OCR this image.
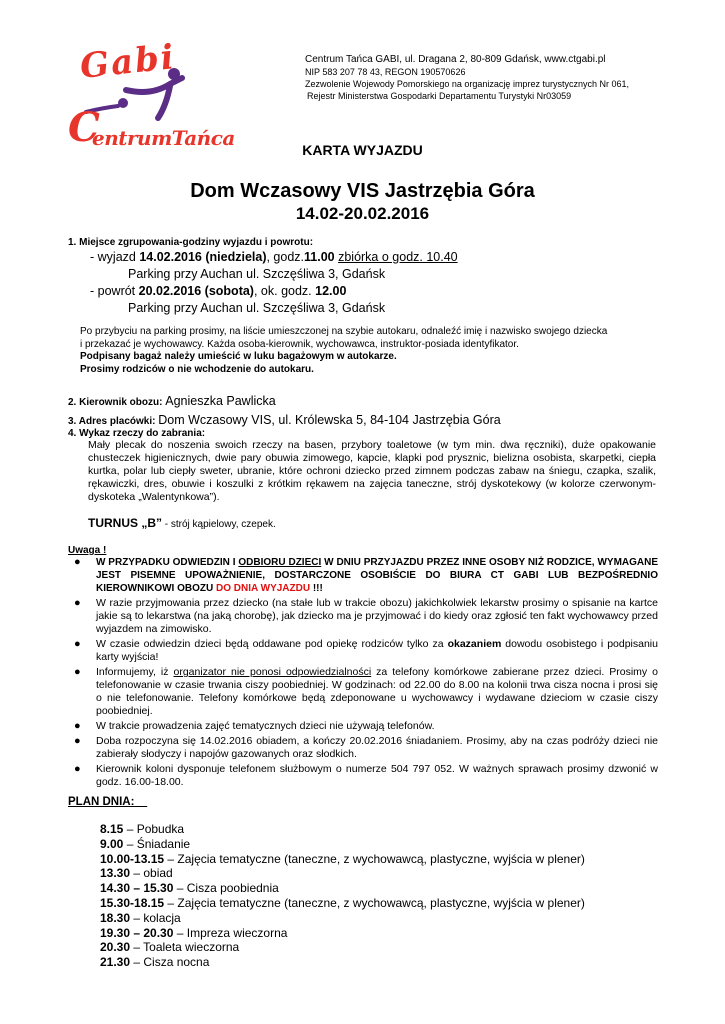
Gabi
C
entrumTańca
Centrum Tańca GABI, ul. Dragana 2, 80-809 Gdańsk, www.ctgabi.pl
NIP 583 207 78 43, REGON 190570626
Zezwolenie Wojewody Pomorskiego na organizację imprez turystycznych Nr 061,
Rejestr Ministerstwa Gospodarki Departamentu Turystyki Nr03059
KARTA WYJAZDU
Dom Wczasowy VIS Jastrzębia Góra
14.02-20.02.2016
1. Miejsce zgrupowania-godziny wyjazdu i powrotu:
- wyjazd 14.02.2016 (niedziela), godz.11.00 zbiórka o godz. 10.40
Parking przy Auchan ul. Szczęśliwa 3, Gdańsk
- powrót 20.02.2016 (sobota), ok. godz. 12.00
Parking przy Auchan ul. Szczęśliwa 3, Gdańsk
Po przybyciu na parking prosimy, na liście umieszczonej na szybie autokaru, odnaleźć imię i nazwisko swojego dziecka
i przekazać je wychowawcy. Każda osoba-kierownik, wychowawca, instruktor-posiada identyfikator.
Podpisany bagaż należy umieścić w luku bagażowym w autokarze.
Prosimy rodziców o nie wchodzenie do autokaru.
2. Kierownik obozu: Agnieszka Pawlicka
3. Adres placówki: Dom Wczasowy VIS, ul. Królewska 5, 84-104 Jastrzębia Góra
4. Wykaz rzeczy do zabrania:
Mały plecak do noszenia swoich rzeczy na basen, przybory toaletowe (w tym min. dwa ręczniki), duże opakowanie chusteczek higienicznych, dwie pary obuwia zimowego, kapcie, klapki pod prysznic, bielizna osobista, skarpetki, ciepła kurtka, polar lub ciepły sweter, ubranie, które ochroni dziecko przed zimnem podczas zabaw na śniegu, czapka, szalik, rękawiczki, dres, obuwie i koszulki z krótkim rękawem na zajęcia taneczne, strój dyskotekowy (w kolorze czerwonym-dyskoteka „Walentynkowa”).
TURNUS „B” - strój kąpielowy, czepek.
Uwaga !
● W PRZYPADKU ODWIEDZIN I ODBIORU DZIECI W DNIU PRZYJAZDU PRZEZ INNE OSOBY NIŻ RODZICE, WYMAGANE JEST PISEMNE UPOWAŻNIENIE, DOSTARCZONE OSOBIŚCIE DO BIURA CT GABI LUB BEZPOŚREDNIO KIEROWNIKOWI OBOZU DO DNIA WYJAZDU !!!
● W razie przyjmowania przez dziecko (na stałe lub w trakcie obozu) jakichkolwiek lekarstw prosimy o spisanie na kartce jakie są to lekarstwa (na jaką chorobę), jak dziecko ma je przyjmować i do kiedy oraz zgłosić ten fakt wychowawcy przed wyjazdem na zimowisko.
● W czasie odwiedzin dzieci będą oddawane pod opiekę rodziców tylko za okazaniem dowodu osobistego i podpisaniu karty wyjścia!
● Informujemy, iż organizator nie ponosi odpowiedzialności za telefony komórkowe zabierane przez dzieci. Prosimy o telefonowanie w czasie trwania ciszy poobiedniej. W godzinach: od 22.00 do 8.00 na kolonii trwa cisza nocna i prosi się o nie telefonowanie. Telefony komórkowe będą zdeponowane u wychowawcy i wydawane dzieciom w czasie ciszy poobiedniej.
● W trakcie prowadzenia zajęć tematycznych dzieci nie używają telefonów.
● Doba rozpoczyna się 14.02.2016 obiadem, a kończy 20.02.2016 śniadaniem. Prosimy, aby na czas podróży dzieci nie zabierały słodyczy i napojów gazowanych oraz słodkich.
● Kierownik koloni dysponuje telefonem służbowym o numerze 504 797 052. W ważnych sprawach prosimy dzwonić w godz. 16.00-18.00.
PLAN DNIA:
8.15 – Pobudka
9.00 – Śniadanie
10.00-13.15 – Zajęcia tematyczne (taneczne, z wychowawcą, plastyczne, wyjścia w plener)
13.30 – obiad
14.30 – 15.30 – Cisza poobiednia
15.30-18.15 – Zajęcia tematyczne (taneczne, z wychowawcą, plastyczne, wyjścia w plener)
18.30 – kolacja
19.30 – 20.30 – Impreza wieczorna
20.30 – Toaleta wieczorna
21.30 – Cisza nocna
